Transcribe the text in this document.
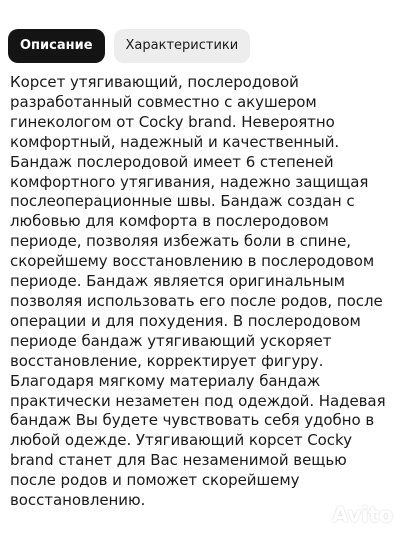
Описание	Характеристики

Корсет утягивающий, послеродовой
разработанный совместно с акушером
гинекологом от Cocky brand. Невероятно
комфортный, надежный и качественный.
Бандаж послеродовой имеет 6 степеней
комфортного утягивания, надежно защищая
послеоперационные швы. Бандаж создан с
любовью для комфорта в послеродовом
периоде, позволяя избежать боли в спине,
скорейшему восстановлению в послеродовом
периоде. Бандаж является оригинальным
позволяя использовать его после родов, после
операции и для похудения. В послеродовом
периоде бандаж утягивающий ускоряет
восстановление, корректирует фигуру.
Благодаря мягкому материалу бандаж
практически незаметен под одеждой. Надевая
бандаж Вы будете чувствовать себя удобно в
любой одежде. Утягивающий корсет Cocky
brand станет для Вас незаменимой вещью
после родов и поможет скорейшему
восстановлению.

Avito
